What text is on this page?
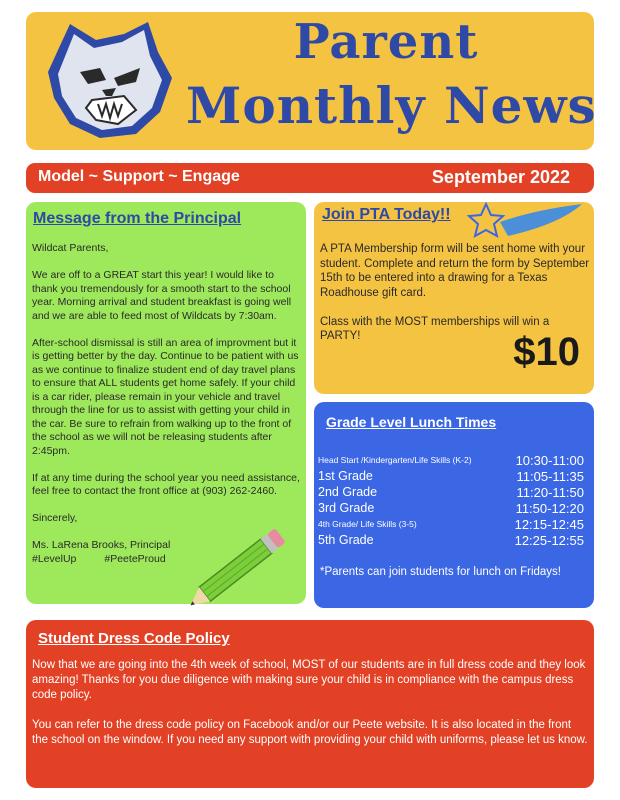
Parent
Monthly News
Model ~ Support ~ Engage	September 2022
Message from the Principal

Wildcat Parents,

We are off to a GREAT start this year! I would like to thank you tremendously for a smooth start to the school year. Morning arrival and student breakfast is going well and we are able to feed most of Wildcats by 7:30am.

After-school dismissal is still an area of improvment but it is getting better by the day. Continue to be patient with us as we continue to finalize student end of day travel plans to ensure that ALL students get home safely. If your child is a car rider, please remain in your vehicle and travel through the line for us to assist with getting your child in the car. Be sure to refrain from walking up to the front of the school as we will not be releasing students after 2:45pm.

If at any time during the school year you need assistance, feel free to contact the front office at (903) 262-2460.

Sincerely,

Ms. LaRena Brooks, Principal
#LevelUp	#PeeteProud
Join PTA Today!!

A PTA Membership form will be sent home with your student. Complete and return the form by September 15th to be entered into a drawing for a Texas Roadhouse gift card.

Class with the MOST memberships will win a PARTY!	$10
Grade Level Lunch Times
Head Start /Kindergarten/Life Skills (K-2)	10:30-11:00
1st Grade	11:05-11:35
2nd Grade	11:20-11:50
3rd Grade	11:50-12:20
4th Grade/ Life Skills (3-5)	12:15-12:45
5th Grade	12:25-12:55
*Parents can join students for lunch on Fridays!
Student Dress Code Policy

Now that we are going into the 4th week of school, MOST of our students are in full dress code and they look amazing! Thanks for you due diligence with making sure your child is in compliance with the campus dress code policy.

You can refer to the dress code policy on Facebook and/or our Peete website. It is also located in the front the school on the window. If you need any support with providing your child with uniforms, please let us know.
